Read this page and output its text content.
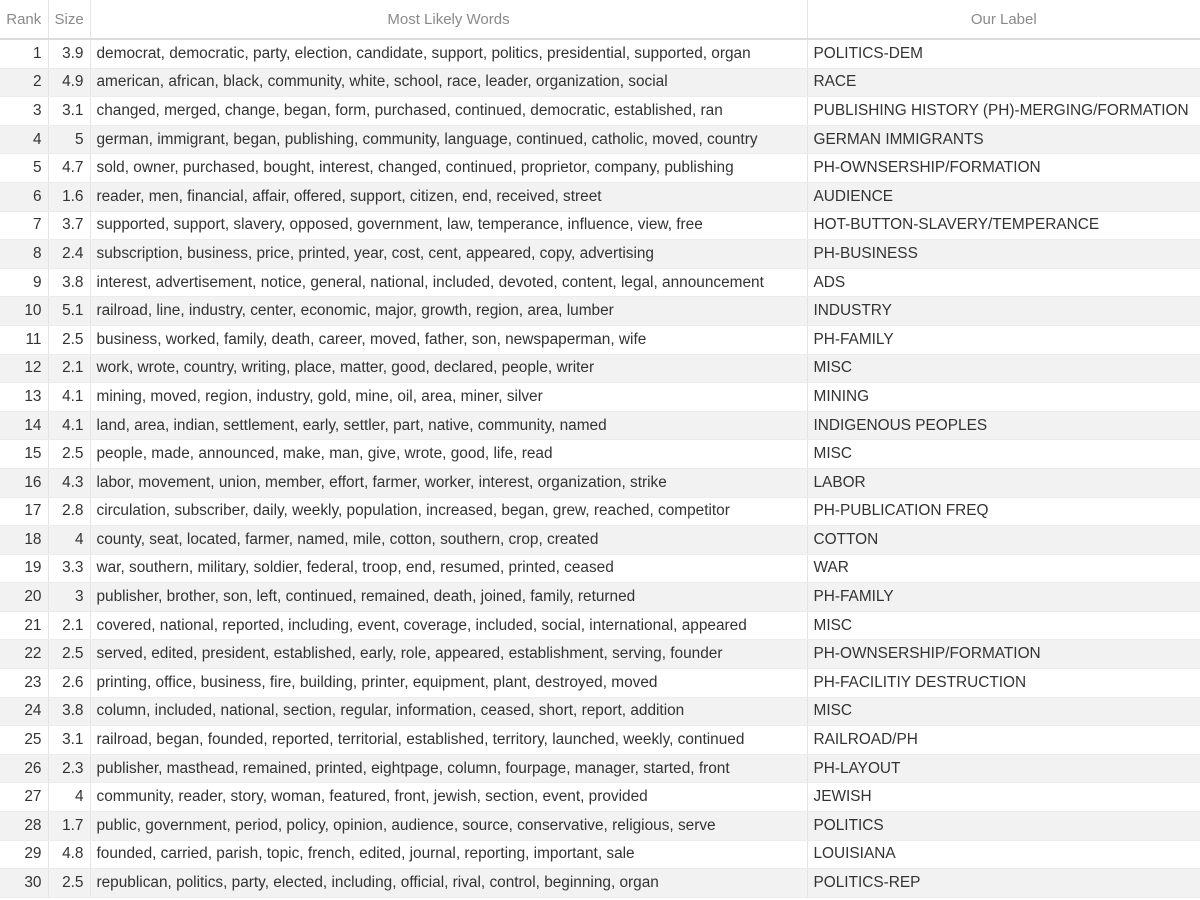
Rank	Size	Most Likely Words	Our Label
1	3.9	democrat, democratic, party, election, candidate, support, politics, presidential, supported, organ	POLITICS-DEM
2	4.9	american, african, black, community, white, school, race, leader, organization, social	RACE
3	3.1	changed, merged, change, began, form, purchased, continued, democratic, established, ran	PUBLISHING HISTORY (PH)-MERGING/FORMATION
4	5	german, immigrant, began, publishing, community, language, continued, catholic, moved, country	GERMAN IMMIGRANTS
5	4.7	sold, owner, purchased, bought, interest, changed, continued, proprietor, company, publishing	PH-OWNSERSHIP/FORMATION
6	1.6	reader, men, financial, affair, offered, support, citizen, end, received, street	AUDIENCE
7	3.7	supported, support, slavery, opposed, government, law, temperance, influence, view, free	HOT-BUTTON-SLAVERY/TEMPERANCE
8	2.4	subscription, business, price, printed, year, cost, cent, appeared, copy, advertising	PH-BUSINESS
9	3.8	interest, advertisement, notice, general, national, included, devoted, content, legal, announcement	ADS
10	5.1	railroad, line, industry, center, economic, major, growth, region, area, lumber	INDUSTRY
11	2.5	business, worked, family, death, career, moved, father, son, newspaperman, wife	PH-FAMILY
12	2.1	work, wrote, country, writing, place, matter, good, declared, people, writer	MISC
13	4.1	mining, moved, region, industry, gold, mine, oil, area, miner, silver	MINING
14	4.1	land, area, indian, settlement, early, settler, part, native, community, named	INDIGENOUS PEOPLES
15	2.5	people, made, announced, make, man, give, wrote, good, life, read	MISC
16	4.3	labor, movement, union, member, effort, farmer, worker, interest, organization, strike	LABOR
17	2.8	circulation, subscriber, daily, weekly, population, increased, began, grew, reached, competitor	PH-PUBLICATION FREQ
18	4	county, seat, located, farmer, named, mile, cotton, southern, crop, created	COTTON
19	3.3	war, southern, military, soldier, federal, troop, end, resumed, printed, ceased	WAR
20	3	publisher, brother, son, left, continued, remained, death, joined, family, returned	PH-FAMILY
21	2.1	covered, national, reported, including, event, coverage, included, social, international, appeared	MISC
22	2.5	served, edited, president, established, early, role, appeared, establishment, serving, founder	PH-OWNSERSHIP/FORMATION
23	2.6	printing, office, business, fire, building, printer, equipment, plant, destroyed, moved	PH-FACILITIY DESTRUCTION
24	3.8	column, included, national, section, regular, information, ceased, short, report, addition	MISC
25	3.1	railroad, began, founded, reported, territorial, established, territory, launched, weekly, continued	RAILROAD/PH
26	2.3	publisher, masthead, remained, printed, eightpage, column, fourpage, manager, started, front	PH-LAYOUT
27	4	community, reader, story, woman, featured, front, jewish, section, event, provided	JEWISH
28	1.7	public, government, period, policy, opinion, audience, source, conservative, religious, serve	POLITICS
29	4.8	founded, carried, parish, topic, french, edited, journal, reporting, important, sale	LOUISIANA
30	2.5	republican, politics, party, elected, including, official, rival, control, beginning, organ	POLITICS-REP
